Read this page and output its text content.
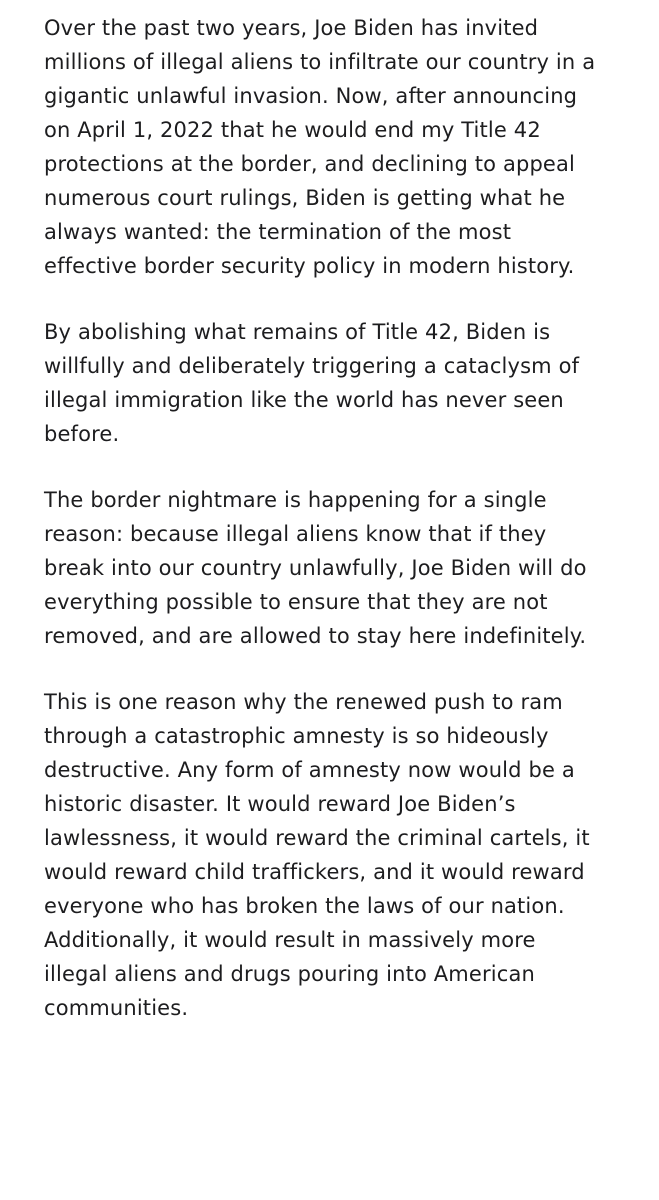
Over the past two years, Joe Biden has invited
millions of illegal aliens to infiltrate our country in a
gigantic unlawful invasion. Now, after announcing
on April 1, 2022 that he would end my Title 42
protections at the border, and declining to appeal
numerous court rulings, Biden is getting what he
always wanted: the termination of the most
effective border security policy in modern history.
By abolishing what remains of Title 42, Biden is
willfully and deliberately triggering a cataclysm of
illegal immigration like the world has never seen
before.
The border nightmare is happening for a single
reason: because illegal aliens know that if they
break into our country unlawfully, Joe Biden will do
everything possible to ensure that they are not
removed, and are allowed to stay here indefinitely.
This is one reason why the renewed push to ram
through a catastrophic amnesty is so hideously
destructive. Any form of amnesty now would be a
historic disaster. It would reward Joe Biden’s
lawlessness, it would reward the criminal cartels, it
would reward child traffickers, and it would reward
everyone who has broken the laws of our nation.
Additionally, it would result in massively more
illegal aliens and drugs pouring into American
communities.
